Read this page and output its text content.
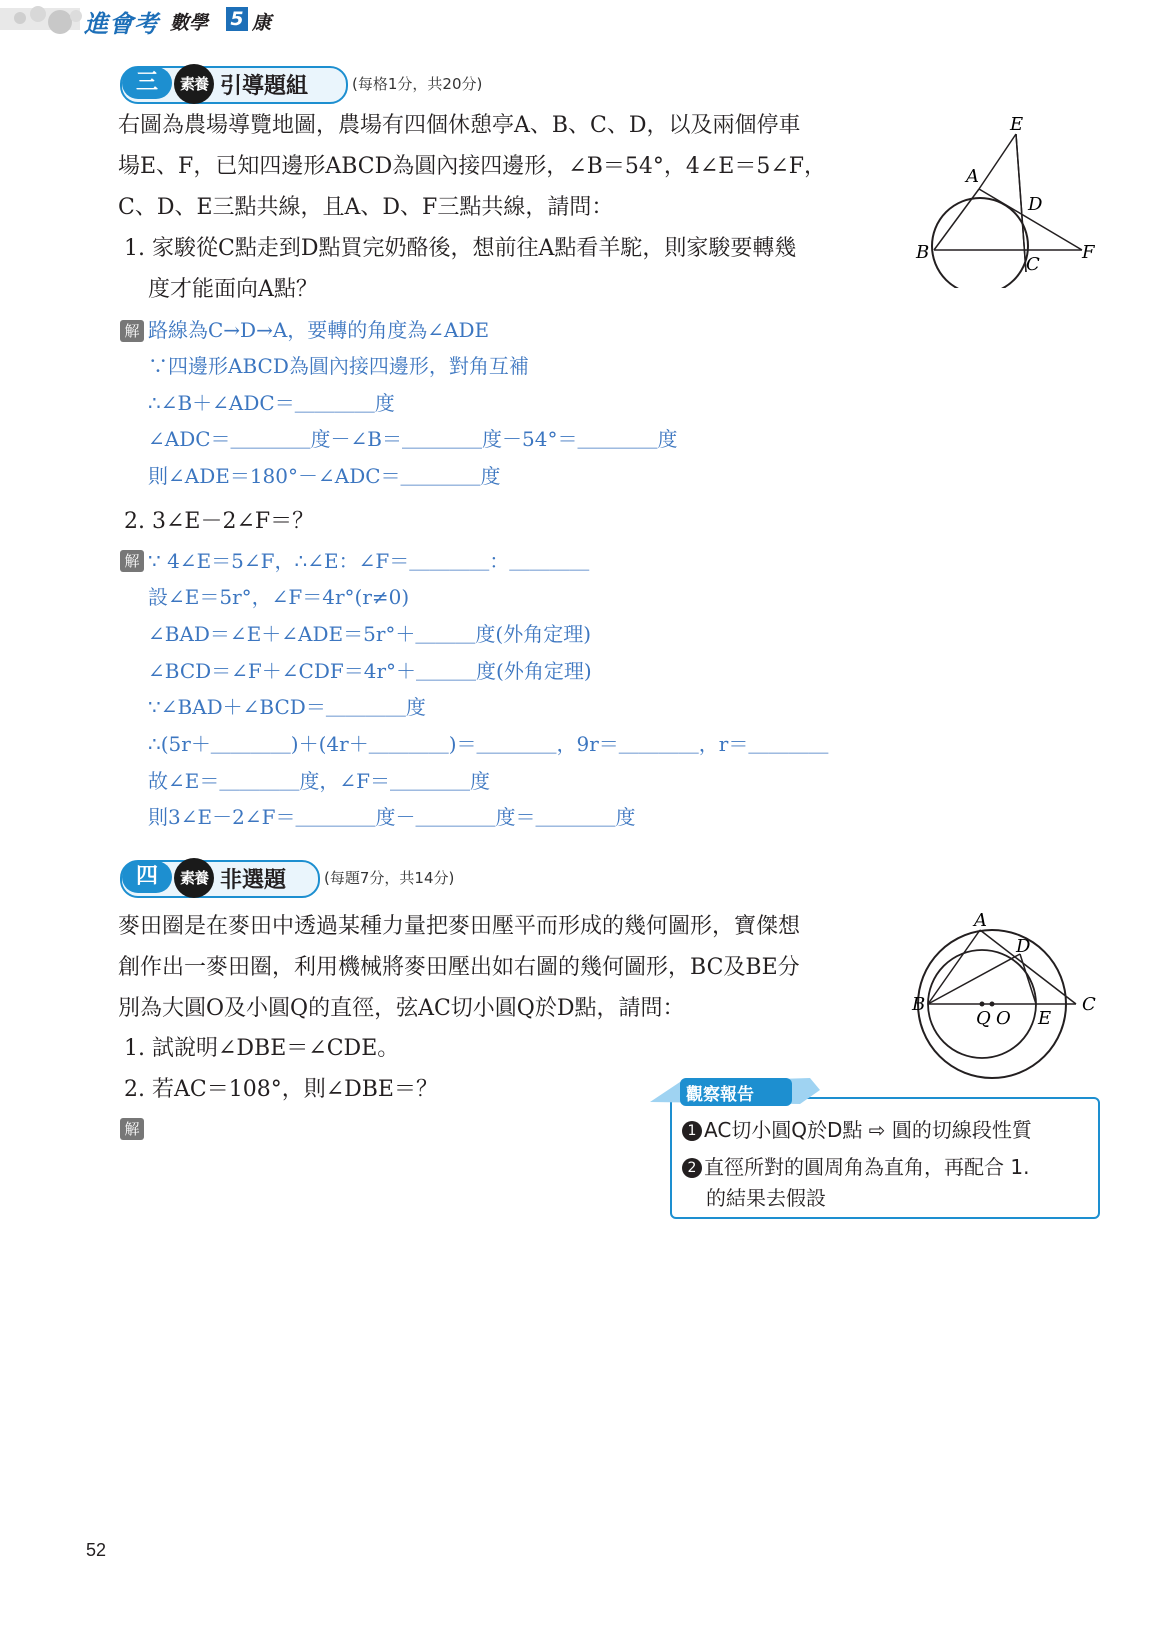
進會考 數學 5 康
三	素養 引導題組	(每格1分，共20分)
右圖為農場導覽地圖，農場有四個休憩亭A、B、C、D，以及兩個停車
場E、F，已知四邊形ABCD為圓內接四邊形，∠B＝54°，4∠E＝5∠F，
C、D、E三點共線，且A、D、F三點共線，請問：
1. 家駿從C點走到D點買完奶酪後，想前往A點看羊駝，則家駿要轉幾
度才能面向A點？
E
A
D
B
C
F
解 路線為C→D→A，要轉的角度為∠ADE
∵四邊形ABCD為圓內接四邊形，對角互補
∴∠B＋∠ADC＝＿＿＿＿度
∠ADC＝＿＿＿＿度－∠B＝＿＿＿＿度－54°＝＿＿＿＿度
則∠ADE＝180°－∠ADC＝＿＿＿＿度
2. 3∠E－2∠F＝？
解 ∵ 4∠E＝5∠F，∴∠E：∠F＝＿＿＿＿：＿＿＿＿
設∠E＝5r°，∠F＝4r°(r≠0)
∠BAD＝∠E＋∠ADE＝5r°＋＿＿＿度(外角定理)
∠BCD＝∠F＋∠CDF＝4r°＋＿＿＿度(外角定理)
∵∠BAD＋∠BCD＝＿＿＿＿度
∴(5r＋＿＿＿＿)＋(4r＋＿＿＿＿)＝＿＿＿＿，9r＝＿＿＿＿，r＝＿＿＿＿
故∠E＝＿＿＿＿度，∠F＝＿＿＿＿度
則3∠E－2∠F＝＿＿＿＿度－＿＿＿＿度＝＿＿＿＿度
四	素養 非選題	(每題7分，共14分)
麥田圈是在麥田中透過某種力量把麥田壓平而形成的幾何圖形，寶傑想
創作出一麥田圈，利用機械將麥田壓出如右圖的幾何圖形，BC及BE分
別為大圓O及小圓Q的直徑，弦AC切小圓Q於D點，請問：
1. 試說明∠DBE＝∠CDE。
2. 若AC＝108°，則∠DBE＝？
解
A
D
B	C
Q O E
觀察報告
1 AC切小圓Q於D點 ⇨ 圓的切線段性質
2 直徑所對的圓周角為直角，再配合 1.
的結果去假設
52
